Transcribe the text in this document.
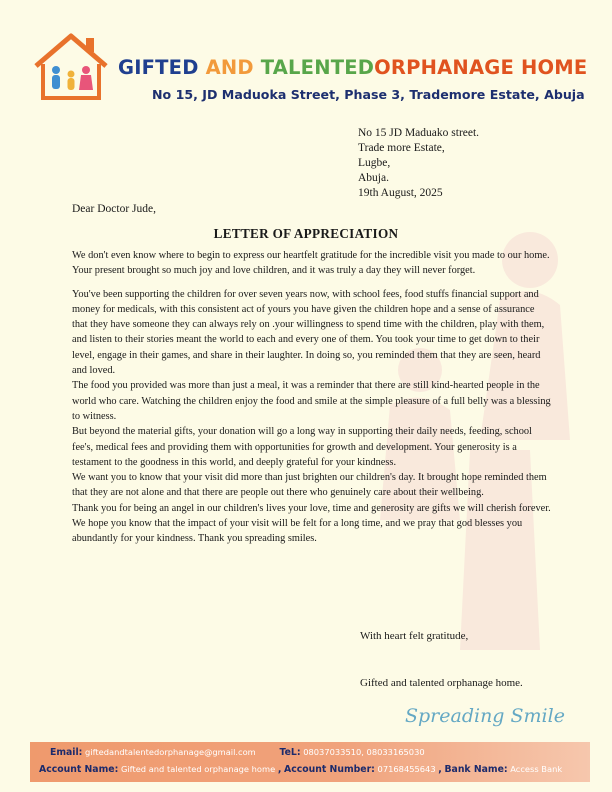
GIFTED AND TALENTEDORPHANAGE HOME
No 15, JD Maduoka Street, Phase 3, Trademore Estate, Abuja
No 15 JD Maduako street.
Trade more Estate,
Lugbe,
Abuja.
19th August, 2025
Dear Doctor Jude,
LETTER OF APPRECIATION

We don't even know where to begin to express our heartfelt gratitude for the incredible visit you made to our home. Your present brought so much joy and love children, and it was truly a day they will never forget.

You've been supporting the children for over seven years now, with school fees, food stuffs financial support and money for medicals, with this consistent act of yours you have given the children hope and a sense of assurance that they have someone they can always rely on .your willingness to spend time with the children, play with them, and listen to their stories meant the world to each and every one of them. You took your time to get down to their level, engage in their games, and share in their laughter. In doing so, you reminded them that they are seen, heard and loved.

The food you provided was more than just a meal, it was a reminder that there are still kind-hearted people in the world who care. Watching the children enjoy the food and smile at the simple pleasure of a full belly was a blessing to witness.

But beyond the material gifts, your donation will go a long way in supporting their daily needs, feeding, school fee's, medical fees and providing them with opportunities for growth and development. Your generosity is a testament to the goodness in this world, and deeply grateful for your kindness.

We want you to know that your visit did more than just brighten our children's day. It brought hope reminded them that they are not alone and that there are people out there who genuinely care about their wellbeing.

Thank you for being an angel in our children's lives your love, time and generosity are gifts we will cherish forever. We hope you know that the impact of your visit will be felt for a long time, and we pray that god blesses you abundantly for your kindness. Thank you spreading smiles.

With heart felt gratitude,
Gifted and talented orphanage home.
Spreading Smile
Email: giftedandtalentedorphanage@gmail.com	TeL: 08037033510, 08033165030
Account Name: Gifted and talented orphanage home , Account Number: 07168455643 , Bank Name: Access Bank
